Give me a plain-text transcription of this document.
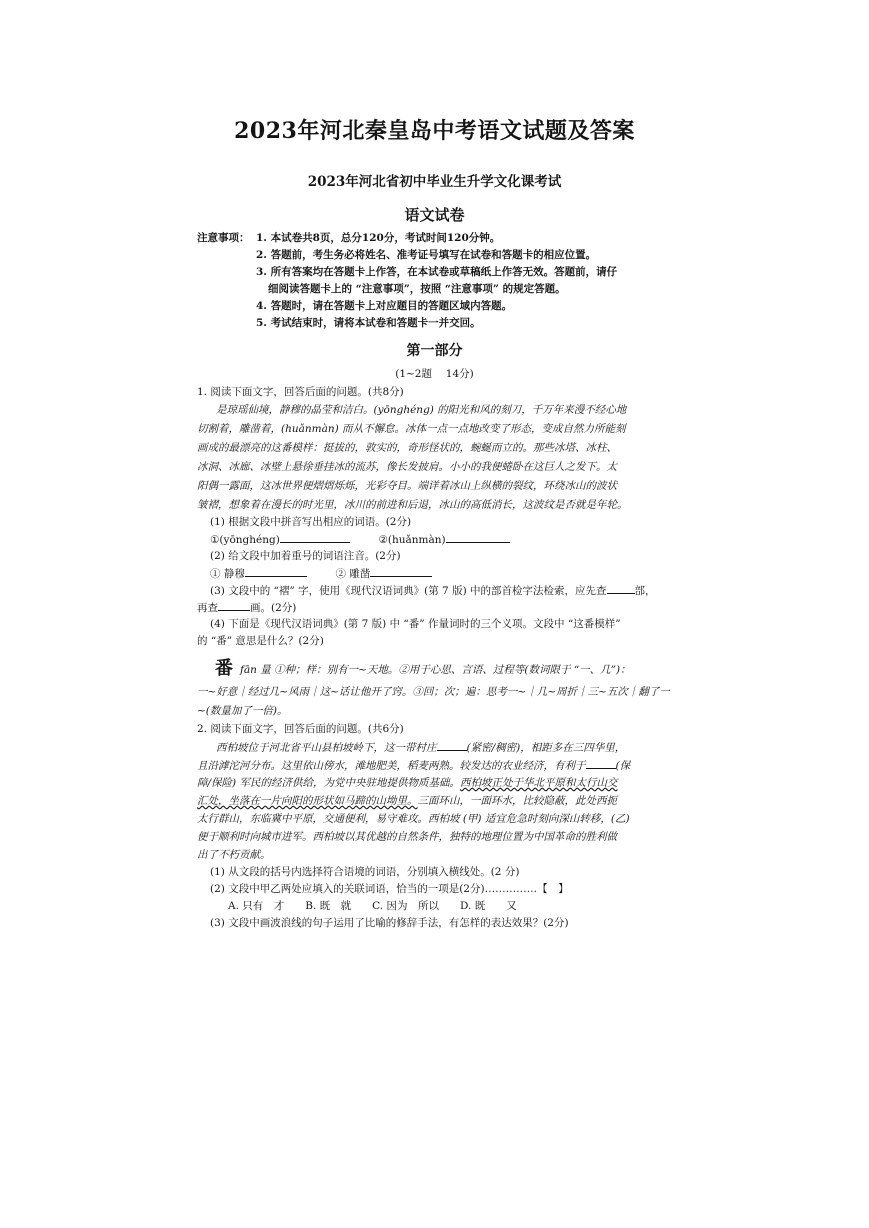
2023年河北秦皇岛中考语文试题及答案
2023年河北省初中毕业生升学文化课考试
语文试卷
注意事项： 1. 本试卷共8页，总分120分，考试时间120分钟。
2. 答题前，考生务必将姓名、准考证号填写在试卷和答题卡的相应位置。
3. 所有答案均在答题卡上作答，在本试卷或草稿纸上作答无效。答题前，请仔
细阅读答题卡上的 “注意事项”，按照 “注意事项” 的规定答题。
4. 答题时，请在答题卡上对应题目的答题区域内答题。
5. 考试结束时，请将本试卷和答题卡一并交回。
第一部分
(1~2题　 14分)
1. 阅读下面文字，回答后面的问题。(共8分)
是琼瑶仙境，静穆的晶莹和洁白。(yōnghéng) 的阳光和风的刻刀，千万年来漫不经心地
切割着，雕凿着，(huǎnmàn) 而从不懈怠。冰体一点一点地改变了形态，变成自然力所能刻
画成的最漂亮的这番模样：挺拔的，敦实的，奇形怪状的，蜿蜒而立的。那些冰塔、冰柱、
冰洞、冰廊、冰壁上悬徐垂挂冰的流苏，像长发披肩。小小的我便蜷卧在这巨人之发下。太
阳偶一露面，这冰世界便熠熠烁烁，光彩夺目。端详着冰山上纵横的裂纹，环绕冰山的波状
皱褶，想象着在漫长的时光里，冰川的前进和后退，冰山的高低消长，这波纹是否就是年轮。
(1) 根据文段中拼音写出相应的词语。(2分)
①(yōnghéng)	②(huǎnmàn)
(2) 给文段中加着重号的词语注音。(2分)
① 静穆	② 雕凿
(3) 文段中的 “褶” 字，使用《现代汉语词典》(第 7 版) 中的部首检字法检索，应先查	部，
再查	画。(2分)
(4) 下面是《现代汉语词典》(第 7 版) 中 “番” 作量词时的三个义项。文段中 “这番模样”
的 “番” 意思是什么？(2分)
番 fān 量 ①种；样：别有一~天地。②用于心思、言语、过程等(数词限于 “一、几”)：
一~好意｜经过几~风雨｜这~话让他开了窍。③回；次；遍：思考一~｜几~周折｜三~五次｜翻了一
~(数量加了一倍)。
2. 阅读下面文字，回答后面的问题。(共6分)
西柏坡位于河北省平山县柏坡岭下，这一带村庄	(紧密/稠密)，相距多在三四华里，
且沿滹沱河分布。这里依山傍水，滩地肥美，稻麦两熟。较发达的农业经济，有利于	(保
障/保险) 军民的经济供给，为党中央驻地提供物质基础。西柏坡正处于华北平原和太行山交
汇处，坐落在一片向阳的形状如马蹄的山坳里。三面环山，一面环水，比较隐蔽，此处西扼
太行群山，东临冀中平原，交通便利，易守难攻。西柏坡 (甲) 适宜危急时刻向深山转移，(乙)
便于顺利时向城市进军。西柏坡以其优越的自然条件，独特的地理位置为中国革命的胜利做
出了不朽贡献。
(1) 从文段的括号内选择符合语境的词语，分别填入横线处。(2 分)
(2) 文段中甲乙两处应填入的关联词语，恰当的一项是(2分)……………【　】
A. 只有　才　　B. 既　就　　C. 因为　所以　　D. 既　　又
(3) 文段中画波浪线的句子运用了比喻的修辞手法，有怎样的表达效果？(2分)
